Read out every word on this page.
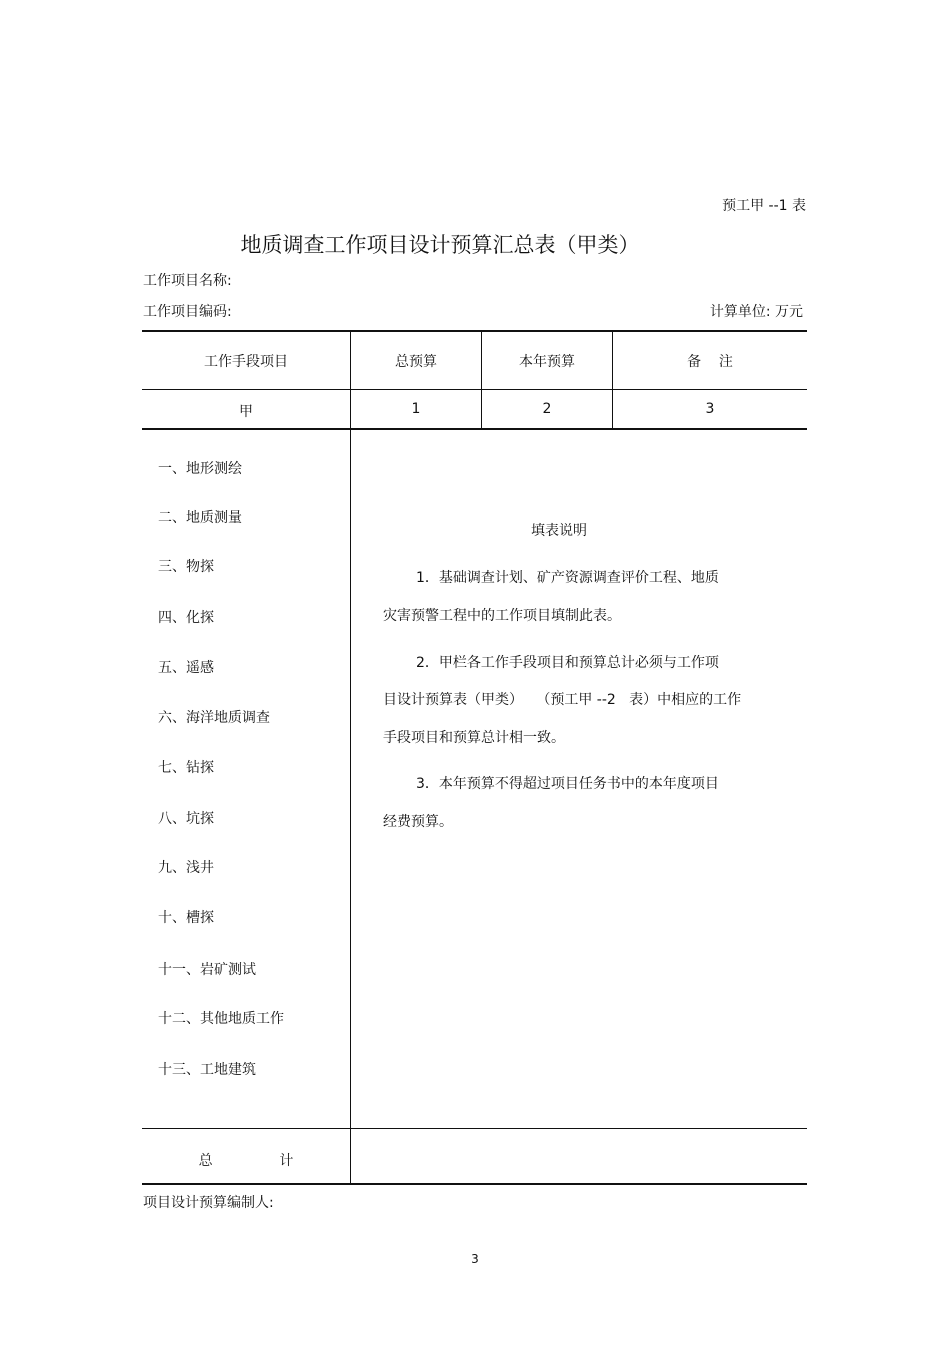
预工甲 --1 表
地质调查工作项目设计预算汇总表（甲类）
工作项目名称:
工作项目编码:	计算单位: 万元
工作手段项目	总预算	本年预算	备    注
甲	1	2	3
一、地形测绘
二、地质测量
三、物探
四、化探
五、遥感
六、海洋地质调查
七、钻探
八、坑探
九、浅井
十、槽探
十一、岩矿测试
十二、其他地质工作
十三、工地建筑
填表说明
1．基础调查计划、矿产资源调查评价工程、地质
灾害预警工程中的工作项目填制此表。
2．甲栏各工作手段项目和预算总计必须与工作项
目设计预算表（甲类）   （预工甲 --2   表）中相应的工作
手段项目和预算总计相一致。
3．本年预算不得超过项目任务书中的本年度项目
经费预算。
总               计
项目设计预算编制人:
3
